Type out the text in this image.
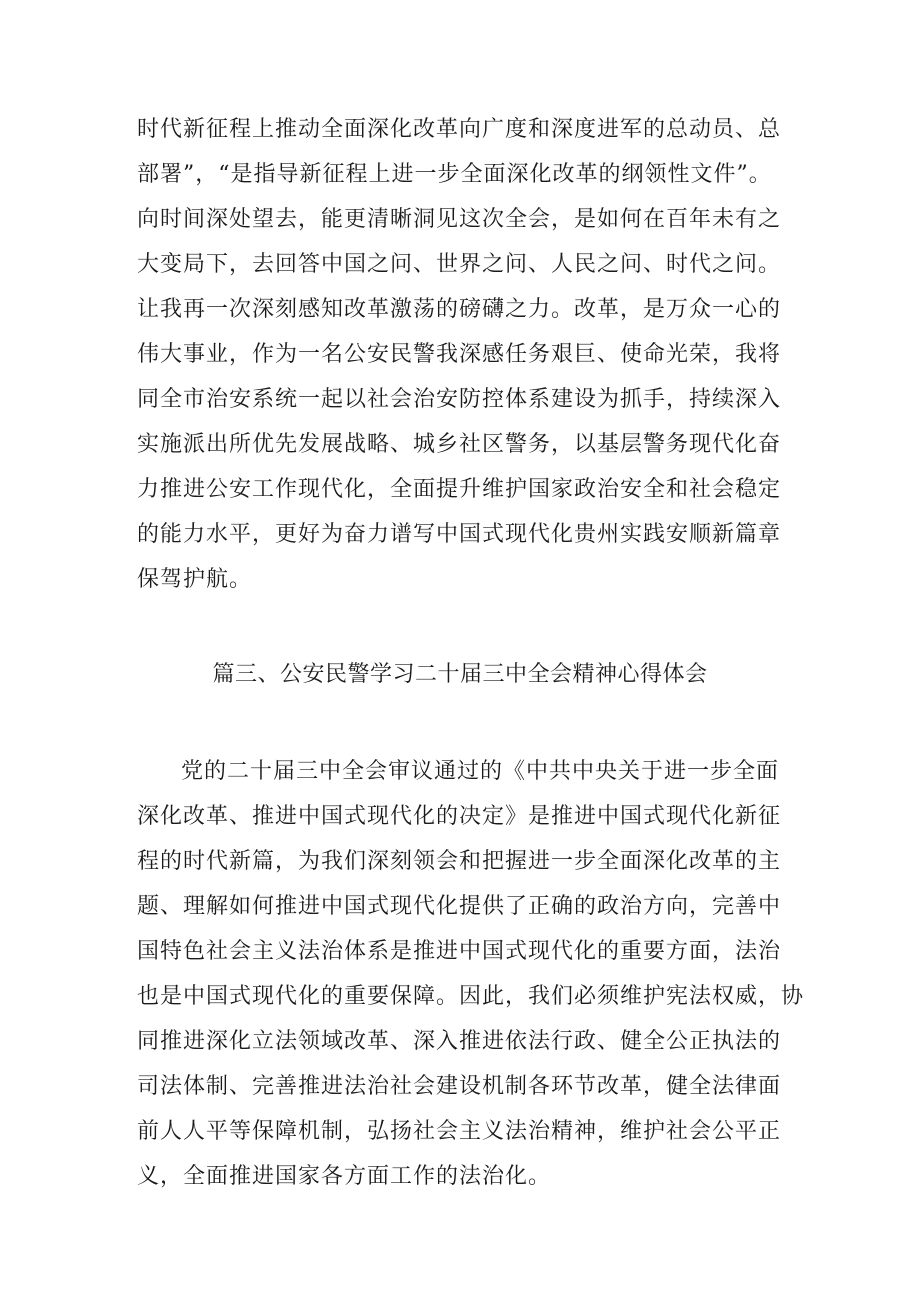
时代新征程上推动全面深化改革向广度和深度进军的总动员、总
部署”，“是指导新征程上进一步全面深化改革的纲领性文件”。
向时间深处望去，能更清晰洞见这次全会，是如何在百年未有之
大变局下，去回答中国之问、世界之问、人民之问、时代之问。
让我再一次深刻感知改革激荡的磅礴之力。改革，是万众一心的
伟大事业，作为一名公安民警我深感任务艰巨、使命光荣，我将
同全市治安系统一起以社会治安防控体系建设为抓手，持续深入
实施派出所优先发展战略、城乡社区警务，以基层警务现代化奋
力推进公安工作现代化，全面提升维护国家政治安全和社会稳定
的能力水平，更好为奋力谱写中国式现代化贵州实践安顺新篇章
保驾护航。
篇三、公安民警学习二十届三中全会精神心得体会
党的二十届三中全会审议通过的《中共中央关于进一步全面
深化改革、推进中国式现代化的决定》是推进中国式现代化新征
程的时代新篇，为我们深刻领会和把握进一步全面深化改革的主
题、理解如何推进中国式现代化提供了正确的政治方向，完善中
国特色社会主义法治体系是推进中国式现代化的重要方面，法治
也是中国式现代化的重要保障。因此，我们必须维护宪法权威，协
同推进深化立法领域改革、深入推进依法行政、健全公正执法的
司法体制、完善推进法治社会建设机制各环节改革，健全法律面
前人人平等保障机制，弘扬社会主义法治精神，维护社会公平正
义，全面推进国家各方面工作的法治化。
